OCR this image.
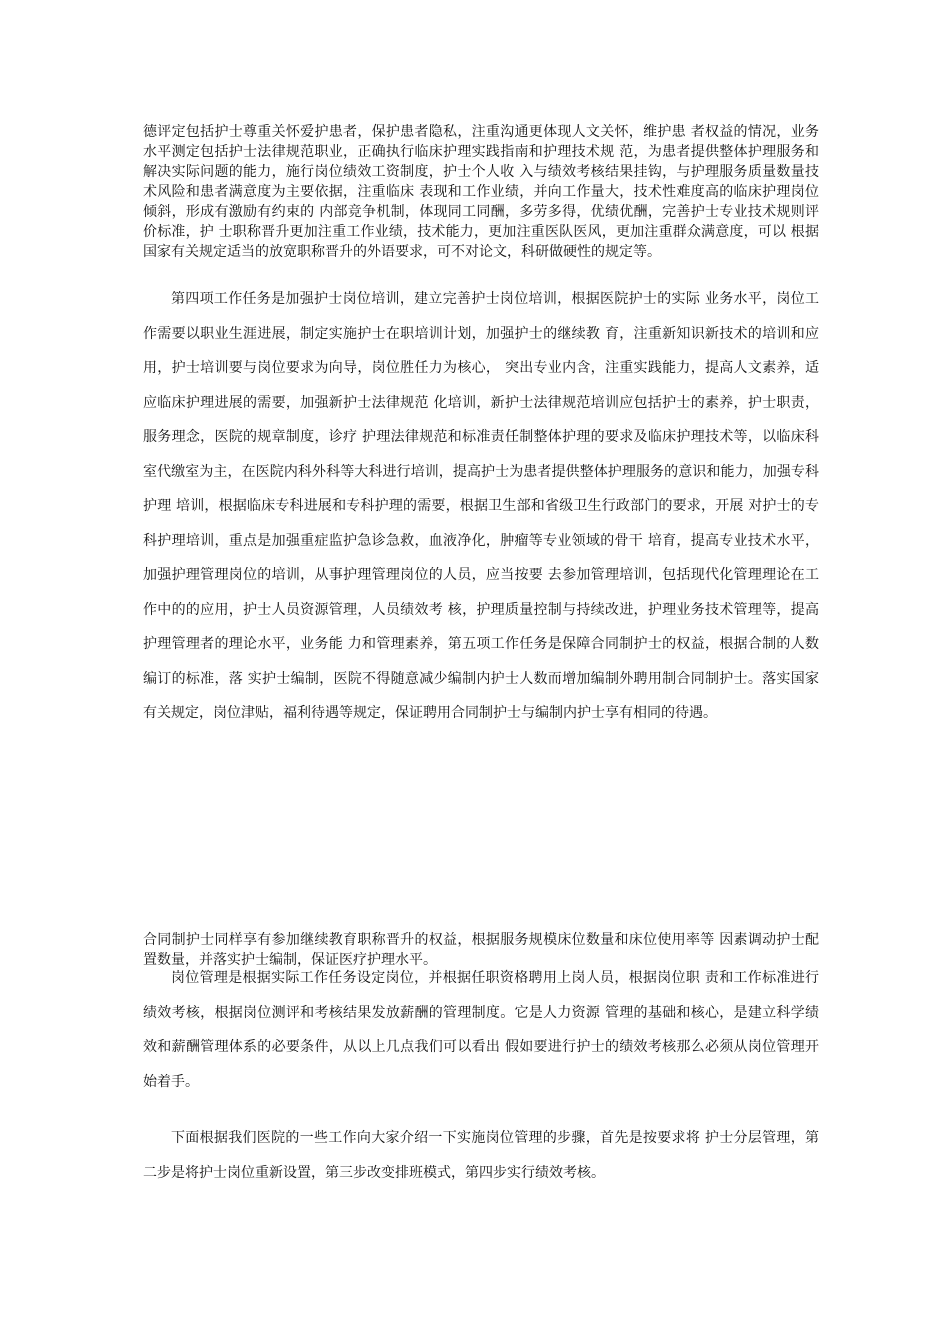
德评定包括护士尊重关怀爱护患者，保护患者隐私，注重沟通更体现人文关怀，维护患 者权益的情况，业务水平测定包括护士法律规范职业，正确执行临床护理实践指南和护理技术规 范，为患者提供整体护理服务和解决实际问题的能力，施行岗位绩效工资制度，护士个人收 入与绩效考核结果挂钩，与护理服务质量数量技术风险和患者满意度为主要依据，注重临床 表现和工作业绩，并向工作量大，技术性难度高的临床护理岗位倾斜，形成有激励有约束的 内部竞争机制，体现同工同酬，多劳多得，优绩优酬，完善护士专业技术规则评价标准，护 士职称晋升更加注重工作业绩，技术能力，更加注重医队医风，更加注重群众满意度，可以 根据国家有关规定适当的放宽职称晋升的外语要求，可不对论文，科研做硬性的规定等。

第四项工作任务是加强护士岗位培训，建立完善护士岗位培训，根据医院护士的实际 业务水平，岗位工作需要以职业生涯进展，制定实施护士在职培训计划，加强护士的继续教 育，注重新知识新技术的培训和应用，护士培训要与岗位要求为向导，岗位胜任力为核心， 突出专业内含，注重实践能力，提高人文素养，适应临床护理进展的需要，加强新护士法律规范 化培训，新护士法律规范培训应包括护士的素养，护士职责，服务理念，医院的规章制度，诊疗 护理法律规范和标准责任制整体护理的要求及临床护理技术等，以临床科室代缴室为主，在医院内科外科等大科进行培训，提高护士为患者提供整体护理服务的意识和能力，加强专科护理 培训，根据临床专科进展和专科护理的需要，根据卫生部和省级卫生行政部门的要求，开展 对护士的专科护理培训，重点是加强重症监护急诊急救，血液净化，肿瘤等专业领域的骨干 培育，提高专业技术水平，加强护理管理岗位的培训，从事护理管理岗位的人员，应当按要 去参加管理培训，包括现代化管理理论在工作中的的应用，护士人员资源管理，人员绩效考 核，护理质量控制与持续改进，护理业务技术管理等，提高护理管理者的理论水平，业务能 力和管理素养，第五项工作任务是保障合同制护士的权益，根据合制的人数编订的标准，落 实护士编制，医院不得随意减少编制内护士人数而增加编制外聘用制合同制护士。落实国家 有关规定，岗位津贴，福利待遇等规定，保证聘用合同制护士与编制内护士享有相同的待遇。

合同制护士同样享有参加继续教育职称晋升的权益，根据服务规模床位数量和床位使用率等 因素调动护士配置数量，并落实护士编制，保证医疗护理水平。

岗位管理是根据实际工作任务设定岗位，并根据任职资格聘用上岗人员，根据岗位职 责和工作标准进行绩效考核，根据岗位测评和考核结果发放薪酬的管理制度。它是人力资源 管理的基础和核心，是建立科学绩效和薪酬管理体系的必要条件，从以上几点我们可以看出 假如要进行护士的绩效考核那么必须从岗位管理开始着手。

下面根据我们医院的一些工作向大家介绍一下实施岗位管理的步骤，首先是按要求将 护士分层管理，第二步是将护士岗位重新设置，第三步改变排班模式，第四步实行绩效考核。
